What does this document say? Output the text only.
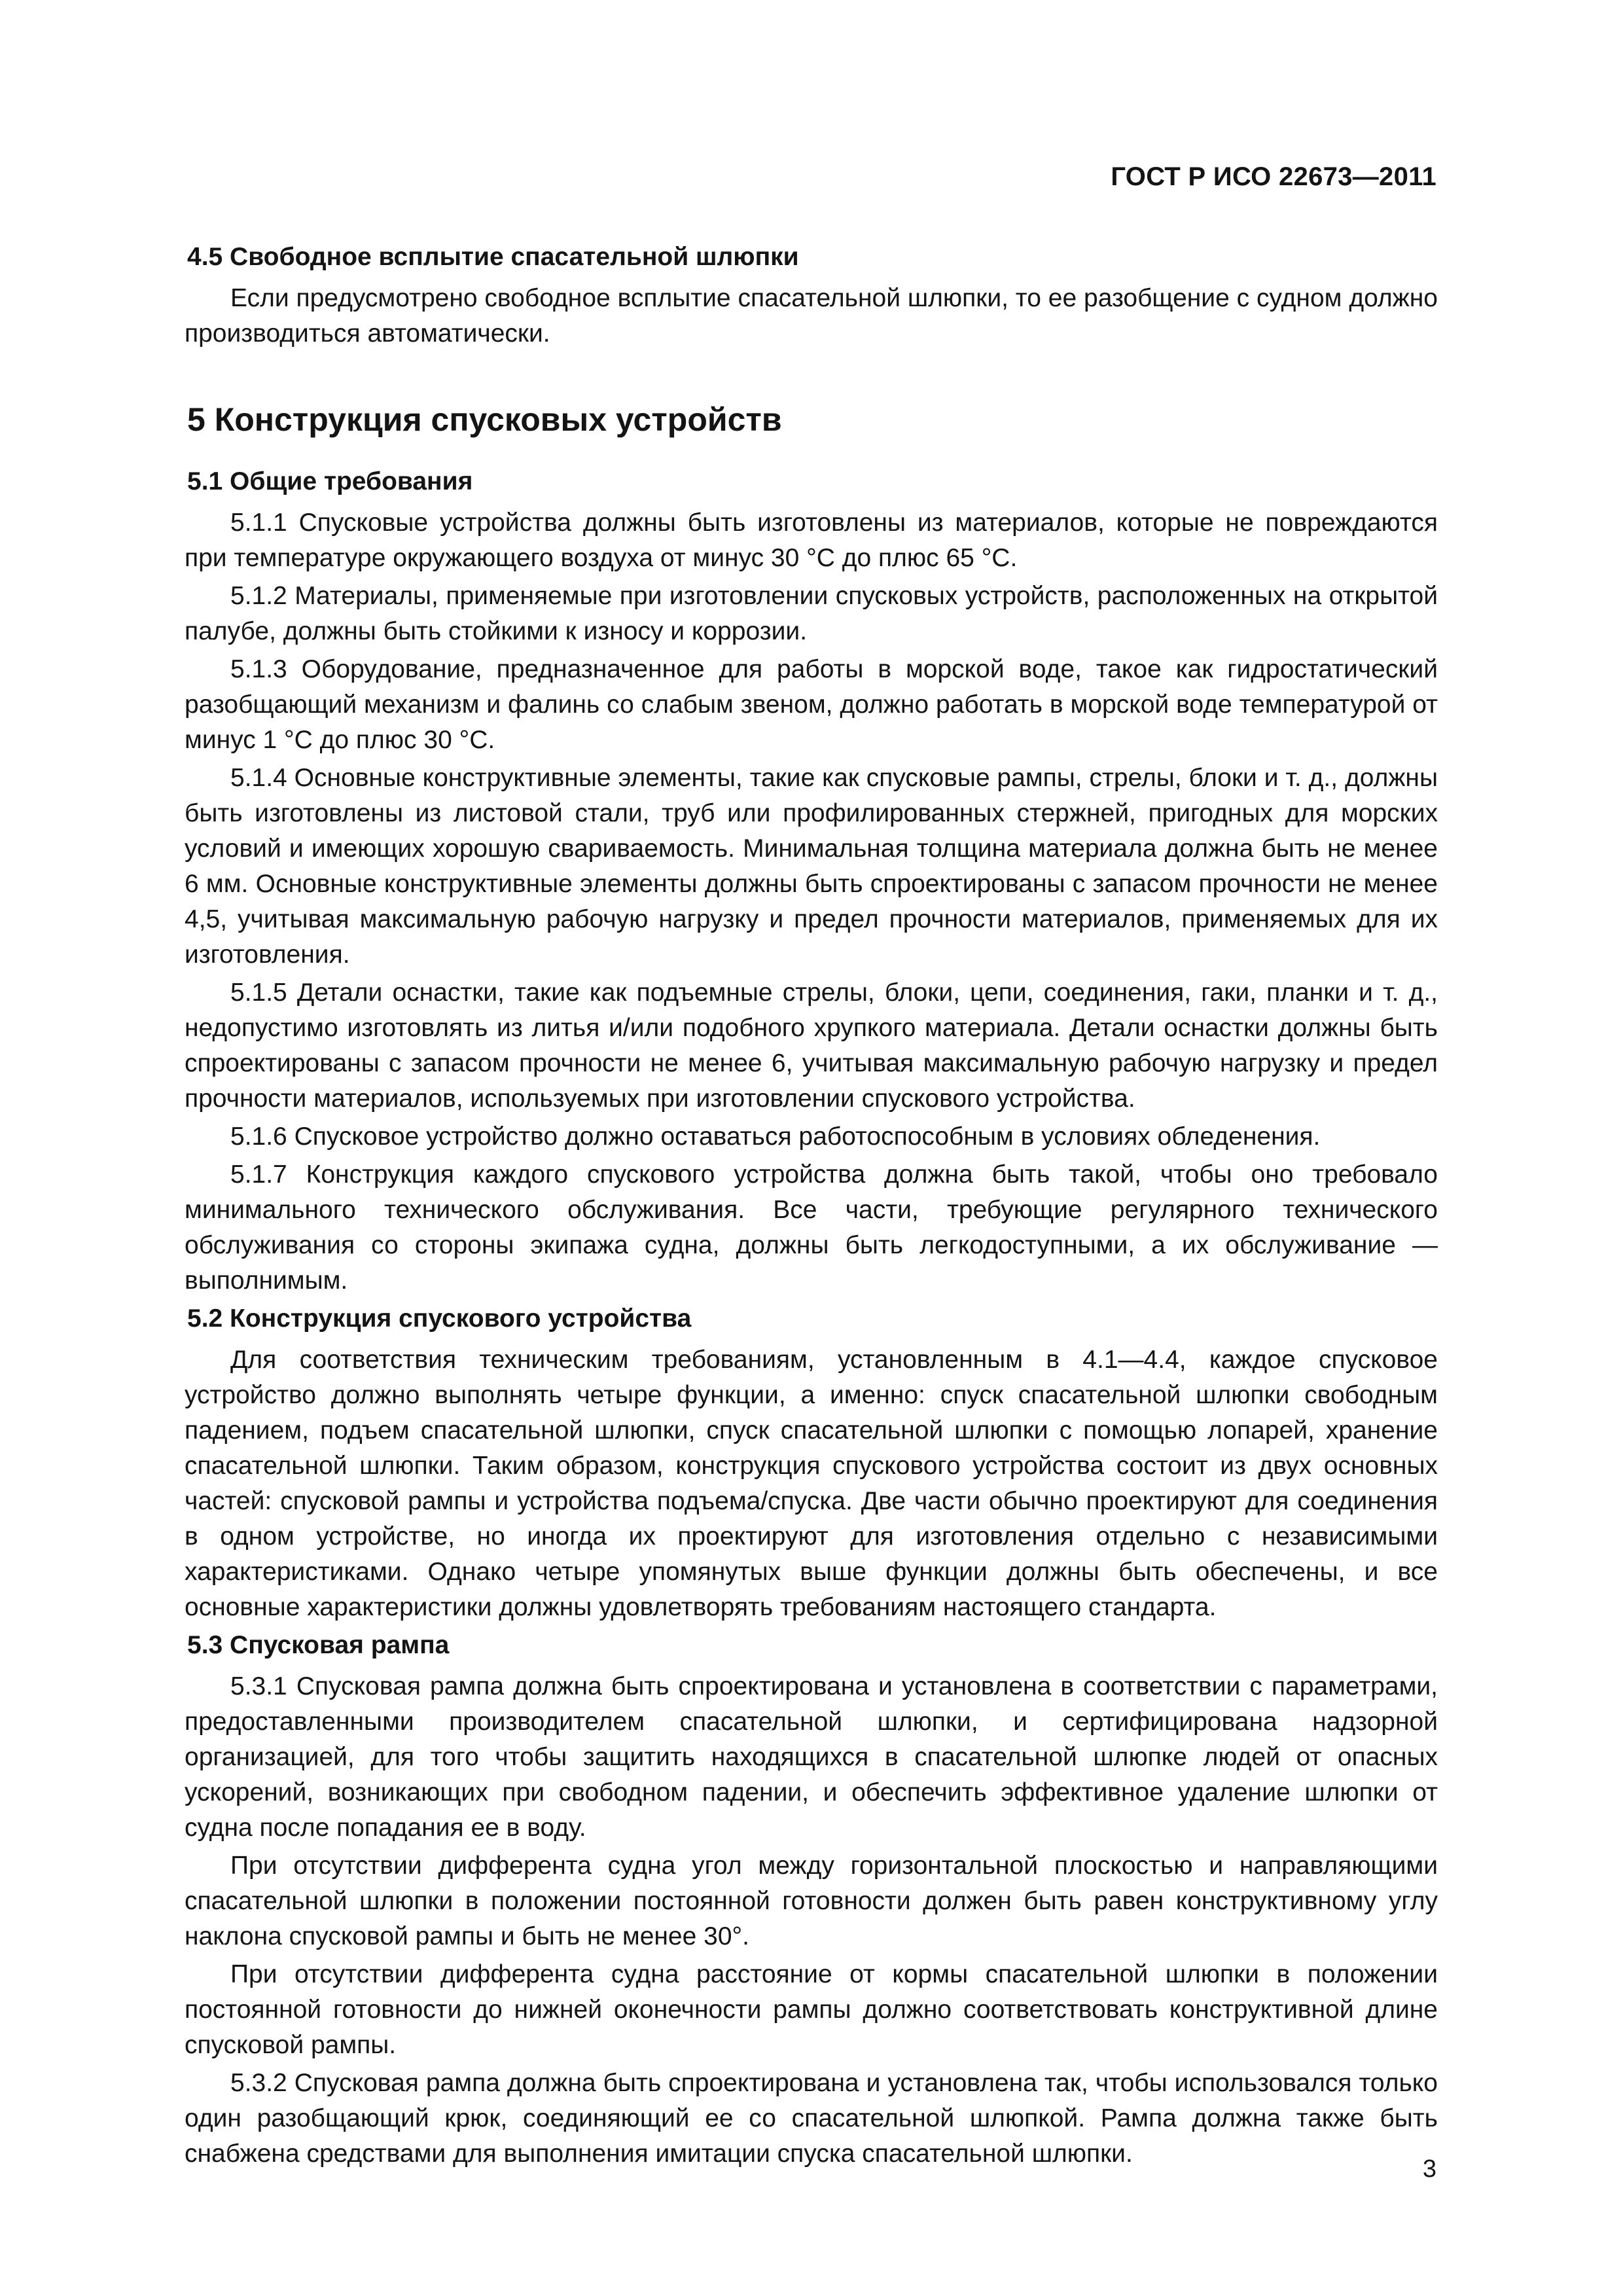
ГОСТ Р ИСО 22673—2011
4.5 Свободное всплытие спасательной шлюпки

Если предусмотрено свободное всплытие спасательной шлюпки, то ее разобщение с судном должно производиться автоматически.

5 Конструкция спусковых устройств
5.1 Общие требования

5.1.1 Спусковые устройства должны быть изготовлены из материалов, которые не повреждаются при температуре окружающего воздуха от минус 30 °С до плюс 65 °С.

5.1.2 Материалы, применяемые при изготовлении спусковых устройств, расположенных на открытой палубе, должны быть стойкими к износу и коррозии.

5.1.3 Оборудование, предназначенное для работы в морской воде, такое как гидростатический разобщающий механизм и фалинь со слабым звеном, должно работать в морской воде температурой от минус 1 °С до плюс 30 °С.

5.1.4 Основные конструктивные элементы, такие как спусковые рампы, стрелы, блоки и т. д., должны быть изготовлены из листовой стали, труб или профилированных стержней, пригодных для морских условий и имеющих хорошую свариваемость. Минимальная толщина материала должна быть не менее 6 мм. Основные конструктивные элементы должны быть спроектированы с запасом прочности не менее 4,5, учитывая максимальную рабочую нагрузку и предел прочности материалов, применяемых для их изготовления.

5.1.5 Детали оснастки, такие как подъемные стрелы, блоки, цепи, соединения, гаки, планки и т. д., недопустимо изготовлять из литья и/или подобного хрупкого материала. Детали оснастки должны быть спроектированы с запасом прочности не менее 6, учитывая максимальную рабочую нагрузку и предел прочности материалов, используемых при изготовлении спускового устройства.

5.1.6 Спусковое устройство должно оставаться работоспособным в условиях обледенения.

5.1.7 Конструкция каждого спускового устройства должна быть такой, чтобы оно требовало минимального технического обслуживания. Все части, требующие регулярного технического обслуживания со стороны экипажа судна, должны быть легкодоступными, а их обслуживание — выполнимым.

5.2 Конструкция спускового устройства

Для соответствия техническим требованиям, установленным в 4.1—4.4, каждое спусковое устройство должно выполнять четыре функции, а именно: спуск спасательной шлюпки свободным падением, подъем спасательной шлюпки, спуск спасательной шлюпки с помощью лопарей, хранение спасательной шлюпки. Таким образом, конструкция спускового устройства состоит из двух основных частей: спусковой рампы и устройства подъема/спуска. Две части обычно проектируют для соединения в одном устройстве, но иногда их проектируют для изготовления отдельно с независимыми характеристиками. Однако четыре упомянутых выше функции должны быть обеспечены, и все основные характеристики должны удовлетворять требованиям настоящего стандарта.

5.3 Спусковая рампа

5.3.1 Спусковая рампа должна быть спроектирована и установлена в соответствии с параметрами, предоставленными производителем спасательной шлюпки, и сертифицирована надзорной организацией, для того чтобы защитить находящихся в спасательной шлюпке людей от опасных ускорений, возникающих при свободном падении, и обеспечить эффективное удаление шлюпки от судна после попадания ее в воду.

При отсутствии дифферента судна угол между горизонтальной плоскостью и направляющими спасательной шлюпки в положении постоянной готовности должен быть равен конструктивному углу наклона спусковой рампы и быть не менее 30°.

При отсутствии дифферента судна расстояние от кормы спасательной шлюпки в положении постоянной готовности до нижней оконечности рампы должно соответствовать конструктивной длине спусковой рампы.

5.3.2 Спусковая рампа должна быть спроектирована и установлена так, чтобы использовался только один разобщающий крюк, соединяющий ее со спасательной шлюпкой. Рампа должна также быть снабжена средствами для выполнения имитации спуска спасательной шлюпки.

3
